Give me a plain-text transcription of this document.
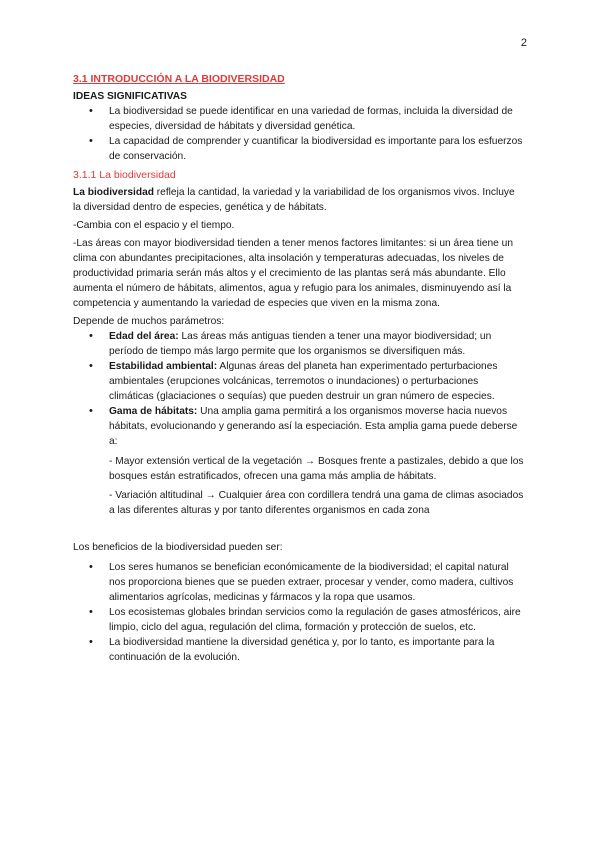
2

3.1 INTRODUCCIÓN A LA BIODIVERSIDAD

IDEAS SIGNIFICATIVAS

• La biodiversidad se puede identificar en una variedad de formas, incluida la diversidad de especies, diversidad de hábitats y diversidad genética.
• La capacidad de comprender y cuantificar la biodiversidad es importante para los esfuerzos de conservación.

3.1.1 La biodiversidad

La biodiversidad refleja la cantidad, la variedad y la variabilidad de los organismos vivos. Incluye la diversidad dentro de especies, genética y de hábitats.

-Cambia con el espacio y el tiempo.

-Las áreas con mayor biodiversidad tienden a tener menos factores limitantes: si un área tiene un clima con abundantes precipitaciones, alta insolación y temperaturas adecuadas, los niveles de productividad primaria serán más altos y el crecimiento de las plantas será más abundante. Ello aumenta el número de hábitats, alimentos, agua y refugio para los animales, disminuyendo así la competencia y aumentando la variedad de especies que viven en la misma zona.

Depende de muchos parámetros:

• Edad del área: Las áreas más antiguas tienden a tener una mayor biodiversidad; un período de tiempo más largo permite que los organismos se diversifiquen más.
• Estabilidad ambiental: Algunas áreas del planeta han experimentado perturbaciones ambientales (erupciones volcánicas, terremotos o inundaciones) o perturbaciones climáticas (glaciaciones o sequías) que pueden destruir un gran número de especies.
• Gama de hábitats: Una amplia gama permitirá a los organismos moverse hacia nuevos hábitats, evolucionando y generando así la especiación. Esta amplia gama puede deberse a:

- Mayor extensión vertical de la vegetación → Bosques frente a pastizales, debido a que los bosques están estratificados, ofrecen una gama más amplia de hábitats.

- Variación altitudinal → Cualquier área con cordillera tendrá una gama de climas asociados a las diferentes alturas y por tanto diferentes organismos en cada zona

Los beneficios de la biodiversidad pueden ser:

• Los seres humanos se benefician económicamente de la biodiversidad; el capital natural nos proporciona bienes que se pueden extraer, procesar y vender, como madera, cultivos alimentarios agrícolas, medicinas y fármacos y la ropa que usamos.
• Los ecosistemas globales brindan servicios como la regulación de gases atmosféricos, aire limpio, ciclo del agua, regulación del clima, formación y protección de suelos, etc.
• La biodiversidad mantiene la diversidad genética y, por lo tanto, es importante para la continuación de la evolución.
